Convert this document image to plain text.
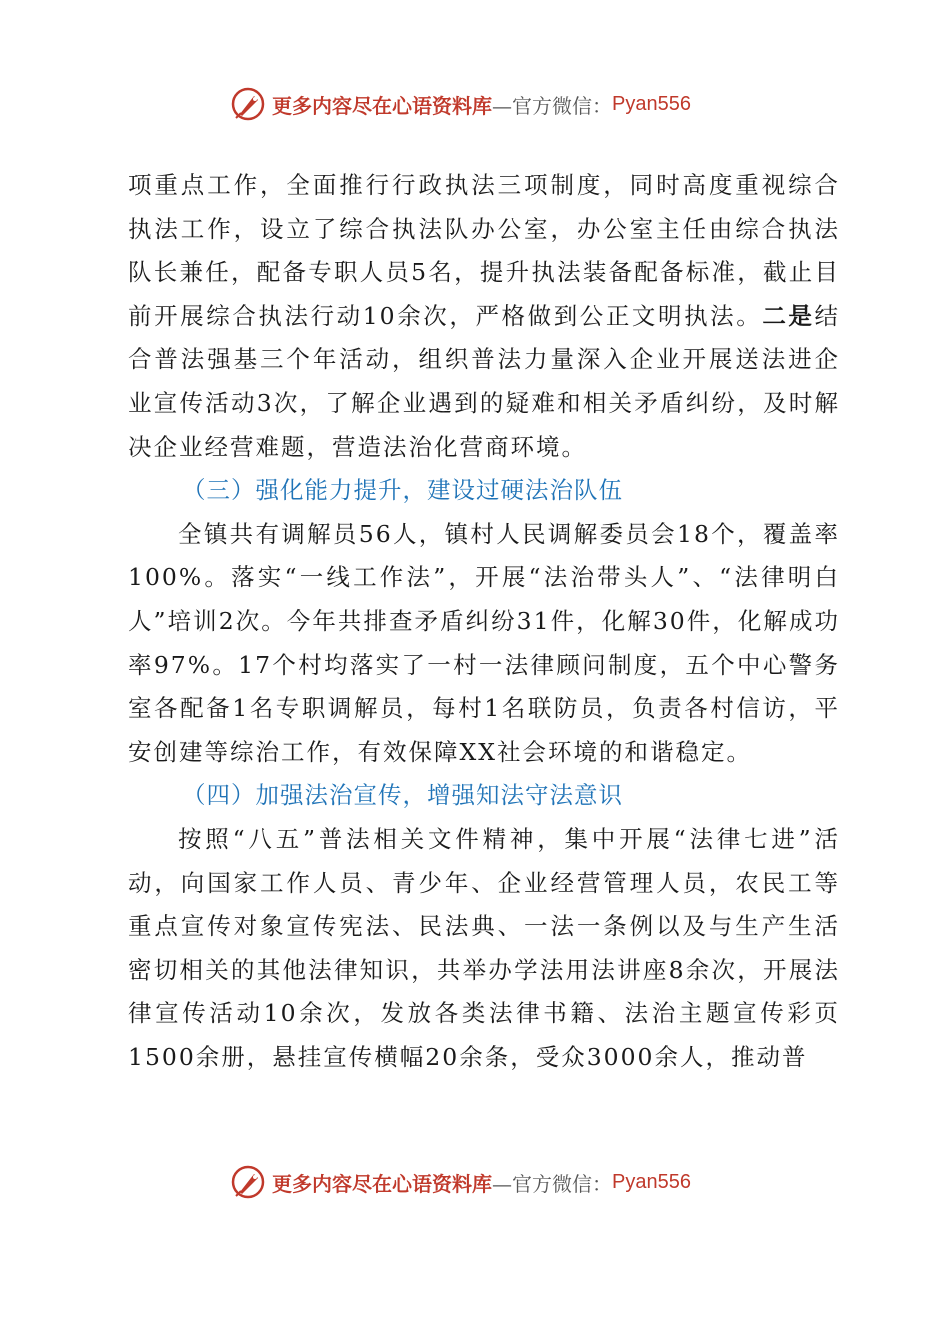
更多内容尽在心语资料库 —官方微信： Pyan556

项重点工作，全面推行行政执法三项制度，同时高度重视综合执法工作，设立了综合执法队办公室，办公室主任由综合执法队长兼任，配备专职人员5名，提升执法装备配备标准，截止目前开展综合执法行动10余次，严格做到公正文明执法。二是结合普法强基三个年活动，组织普法力量深入企业开展送法进企业宣传活动3次，了解企业遇到的疑难和相关矛盾纠纷，及时解决企业经营难题，营造法治化营商环境。

（三）强化能力提升，建设过硬法治队伍

全镇共有调解员56人，镇村人民调解委员会18个，覆盖率100%。落实“一线工作法”，开展“法治带头人”、“法律明白人”培训2次。今年共排查矛盾纠纷31件，化解30件，化解成功率97%。17个村均落实了一村一法律顾问制度，五个中心警务室各配备1名专职调解员，每村1名联防员，负责各村信访，平安创建等综治工作，有效保障XX社会环境的和谐稳定。

（四）加强法治宣传，增强知法守法意识

按照“八五”普法相关文件精神，集中开展“法律七进”活动，向国家工作人员、青少年、企业经营管理人员，农民工等重点宣传对象宣传宪法、民法典、一法一条例以及与生产生活密切相关的其他法律知识，共举办学法用法讲座8余次，开展法律宣传活动10余次，发放各类法律书籍、法治主题宣传彩页1500余册，悬挂宣传横幅20余条，受众3000余人，推动普

更多内容尽在心语资料库 —官方微信： Pyan556
